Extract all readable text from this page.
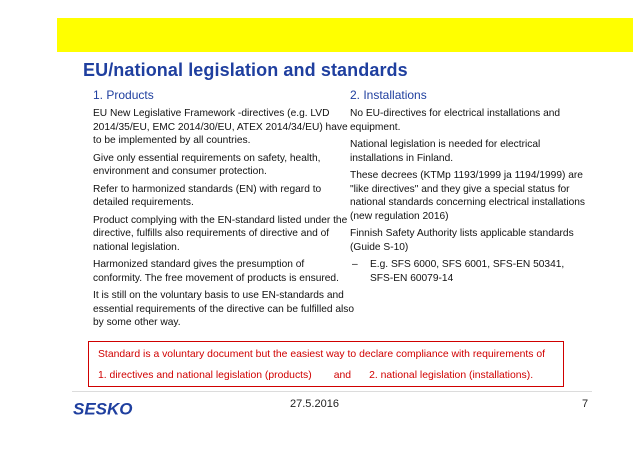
EU/national legislation and standards
1. Products

EU New Legislative Framework -directives (e.g. LVD 2014/35/EU, EMC 2014/30/EU, ATEX 2014/34/EU) have to be implemented by all countries.

Give only essential requirements on safety, health, environment and consumer protection.

Refer to harmonized standards (EN) with regard to detailed requirements.

Product complying with the EN-standard listed under the directive, fulfills also requirements of directive and of national legislation.

Harmonized standard gives the presumption of conformity. The free movement of products is ensured.

It is still on the voluntary basis to use EN-standards and essential requirements of the directive can be fulfilled also by some other way.

2. Installations

No EU-directives for electrical installations and equipment.

National legislation is needed for electrical installations in Finland.

These decrees (KTMp 1193/1999 ja 1194/1999) are "like directives" and they give a special status for national standards concerning electrical installations (new regulation 2016)

Finnish Safety Authority lists applicable standards (Guide S-10)

–	E.g. SFS 6000, SFS 6001, SFS-EN 50341, SFS-EN 60079-14
Standard is a voluntary document but the easiest way to declare compliance with requirements of
1. directives and national legislation (products) and 2. national legislation (installations).
SESKO	27.5.2016	7
